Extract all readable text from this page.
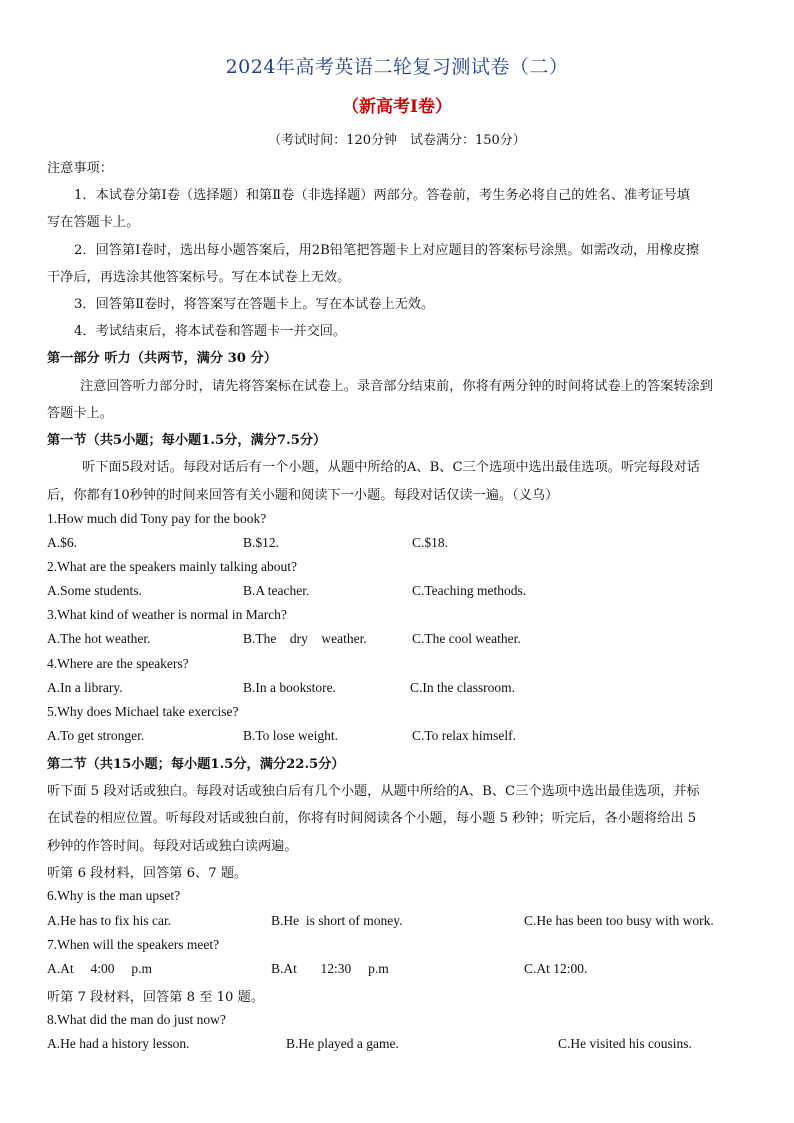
2024年高考英语二轮复习测试卷（二）
（新高考Ⅰ卷）
（考试时间：120分钟　试卷满分：150分）
注意事项：
1．本试卷分第Ⅰ卷（选择题）和第Ⅱ卷（非选择题）两部分。答卷前，考生务必将自己的姓名、准考证号填
写在答题卡上。
2．回答第Ⅰ卷时，选出每小题答案后，用2B铅笔把答题卡上对应题目的答案标号涂黑。如需改动，用橡皮擦
干净后，再选涂其他答案标号。写在本试卷上无效。
3．回答第Ⅱ卷时，将答案写在答题卡上。写在本试卷上无效。
4．考试结束后，将本试卷和答题卡一并交回。
第一部分 听力（共两节，满分 30 分）
注意回答听力部分时，请先将答案标在试卷上。录音部分结束前，你将有两分钟的时间将试卷上的答案转涂到
答题卡上。
第一节（共5小题；每小题1.5分，满分7.5分）
听下面5段对话。每段对话后有一个小题，从题中所给的A、B、C三个选项中选出最佳选项。听完每段对话
后，你都有10秒钟的时间来回答有关小题和阅读下一小题。每段对话仅读一遍。（义乌）
1.How much did Tony pay for the book?
A.$6.	B.$12.	C.$18.
2.What are the speakers mainly talking about?
A.Some students.	B.A teacher.	C.Teaching methods.
3.What kind of weather is normal in March?
A.The hot weather.	B.The    dry    weather.	C.The cool weather.
4.Where are the speakers?
A.In a library.	B.In a bookstore.	C.In the classroom.
5.Why does Michael take exercise?
A.To get stronger.	B.To lose weight.	C.To relax himself.
第二节（共15小题；每小题1.5分，满分22.5分）
听下面 5 段对话或独白。每段对话或独白后有几个小题，从题中所给的A、B、C三个选项中选出最佳选项，并标
在试卷的相应位置。听每段对话或独白前，你将有时间阅读各个小题，每小题 5 秒钟；听完后，各小题将给出 5
秒钟的作答时间。每段对话或独白读两遍。
听第 6 段材料，回答第 6、7 题。
6.Why is the man upset?
A.He has to fix his car.	B.He  is short of money.	C.He has been too busy with work.
7.When will the speakers meet?
A.At     4:00     p.m	B.At       12:30     p.m	C.At 12:00.
听第 7 段材料，回答第 8 至 10 题。
8.What did the man do just now?
A.He had a history lesson.	B.He played a game.	C.He visited his cousins.
